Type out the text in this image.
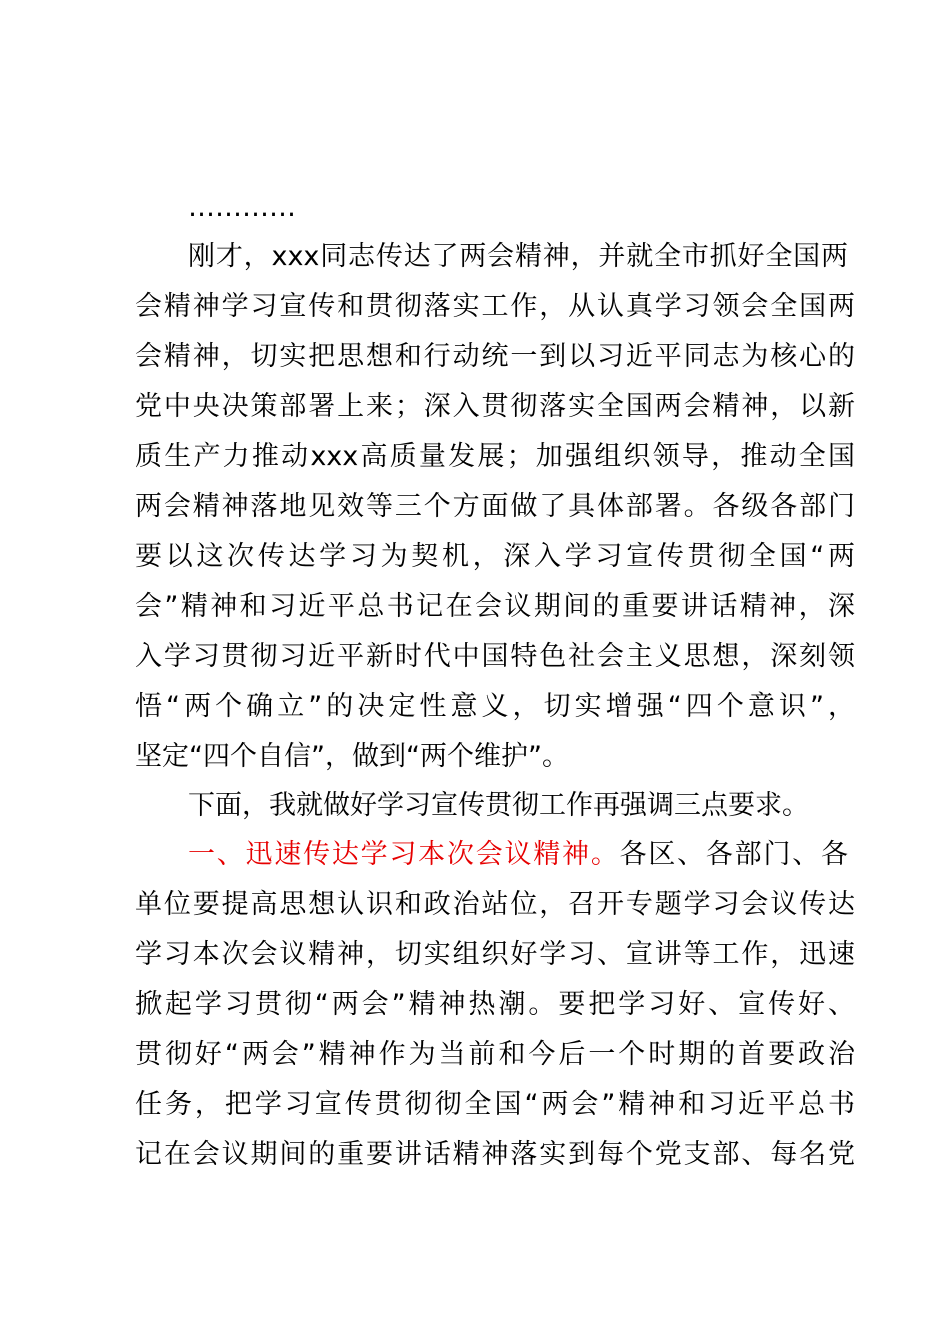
…………
刚才，xxx同志传达了两会精神，并就全市抓好全国两
会精神学习宣传和贯彻落实工作，从认真学习领会全国两
会精神，切实把思想和行动统一到以习近平同志为核心的
党中央决策部署上来；深入贯彻落实全国两会精神，以新
质生产力推动xxx高质量发展；加强组织领导，推动全国
两会精神落地见效等三个方面做了具体部署。各级各部门
要以这次传达学习为契机，深入学习宣传贯彻全国“两
会”精神和习近平总书记在会议期间的重要讲话精神，深
入学习贯彻习近平新时代中国特色社会主义思想，深刻领
悟“两个确立”的决定性意义，切实增强“四个意识”，
坚定“四个自信”，做到“两个维护”。
下面，我就做好学习宣传贯彻工作再强调三点要求。
一、迅速传达学习本次会议精神。各区、各部门、各
单位要提高思想认识和政治站位，召开专题学习会议传达
学习本次会议精神，切实组织好学习、宣讲等工作，迅速
掀起学习贯彻“两会”精神热潮。要把学习好、宣传好、
贯彻好“两会”精神作为当前和今后一个时期的首要政治
任务，把学习宣传贯彻彻全国“两会”精神和习近平总书
记在会议期间的重要讲话精神落实到每个党支部、每名党
